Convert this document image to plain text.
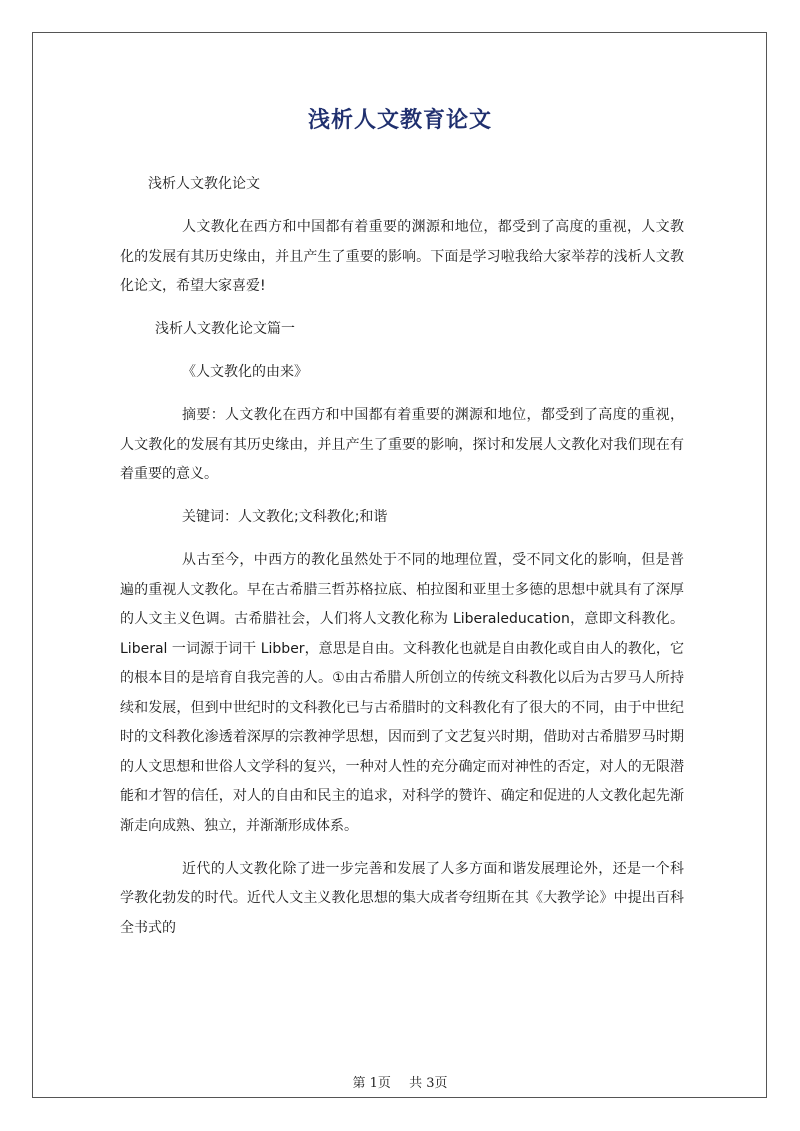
浅析人文教育论文

浅析人文教化论文

人文教化在西方和中国都有着重要的渊源和地位，都受到了高度的重视，人文教化的发展有其历史缘由，并且产生了重要的影响。下面是学习啦我给大家举荐的浅析人文教化论文，希望大家喜爱!

浅析人文教化论文篇一

《人文教化的由来》

摘要：人文教化在西方和中国都有着重要的渊源和地位，都受到了高度的重视，人文教化的发展有其历史缘由，并且产生了重要的影响，探讨和发展人文教化对我们现在有着重要的意义。

关键词：人文教化;文科教化;和谐

从古至今，中西方的教化虽然处于不同的地理位置，受不同文化的影响，但是普遍的重视人文教化。早在古希腊三哲苏格拉底、柏拉图和亚里士多德的思想中就具有了深厚的人文主义色调。古希腊社会，人们将人文教化称为 Liberaleducation，意即文科教化。Liberal 一词源于词干 Libber，意思是自由。文科教化也就是自由教化或自由人的教化，它的根本目的是培育自我完善的人。①由古希腊人所创立的传统文科教化以后为古罗马人所持续和发展，但到中世纪时的文科教化已与古希腊时的文科教化有了很大的不同，由于中世纪时的文科教化渗透着深厚的宗教神学思想，因而到了文艺复兴时期，借助对古希腊罗马时期的人文思想和世俗人文学科的复兴，一种对人性的充分确定而对神性的否定，对人的无限潜能和才智的信任，对人的自由和民主的追求，对科学的赞许、确定和促进的人文教化起先渐渐走向成熟、独立，并渐渐形成体系。

近代的人文教化除了进一步完善和发展了人多方面和谐发展理论外，还是一个科学教化勃发的时代。近代人文主义教化思想的集大成者夸纽斯在其《大教学论》中提出百科全书式的

第 1页 共 3页
